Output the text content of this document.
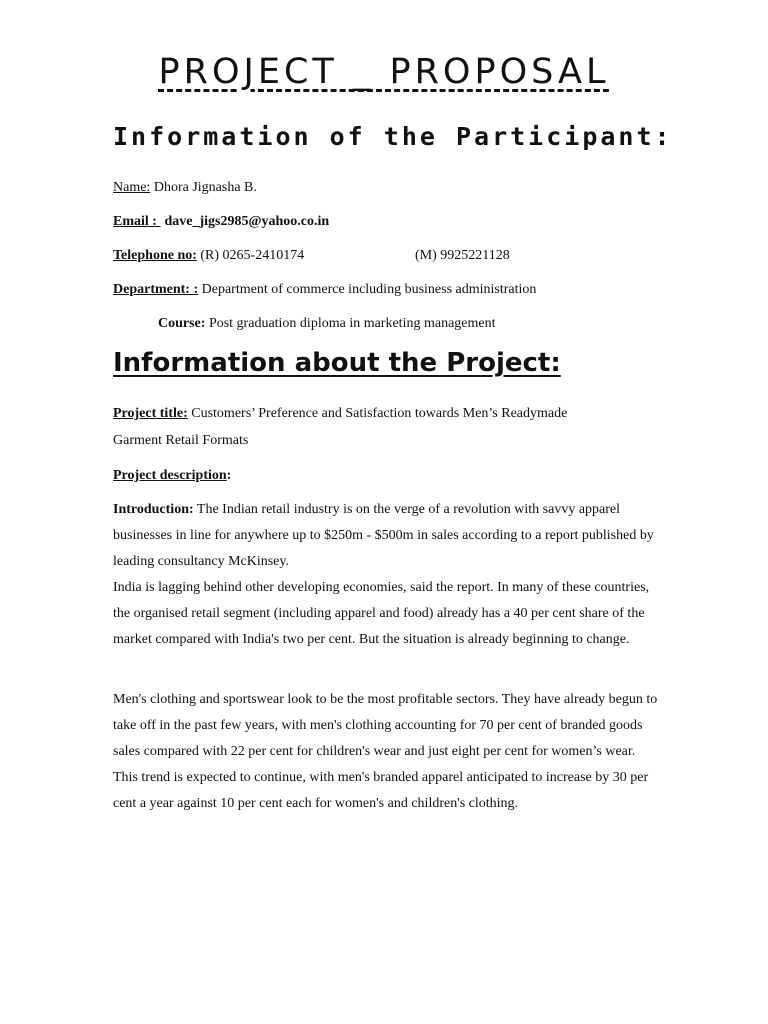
PROJECT _ PROPOSAL
Information of the Participant:
Name: Dhora Jignasha B.
Email : dave_jigs2985@yahoo.co.in
Telephone no: (R) 0265-2410174	(M) 9925221128
Department: : Department of commerce including business administration
Course: Post graduation diploma in marketing management
Information about the Project:
Project title: Customers’ Preference and Satisfaction towards Men’s Readymade
Garment Retail Formats
Project description:

Introduction: The Indian retail industry is on the verge of a revolution with savvy apparel businesses in line for anywhere up to $250m - $500m in sales according to a report published by leading consultancy McKinsey.

India is lagging behind other developing economies, said the report. In many of these countries, the organised retail segment (including apparel and food) already has a 40 per cent share of the market compared with India's two per cent. But the situation is already beginning to change.

Men's clothing and sportswear look to be the most profitable sectors. They have already begun to take off in the past few years, with men's clothing accounting for 70 per cent of branded goods sales compared with 22 per cent for children's wear and just eight per cent for women’s wear. This trend is expected to continue, with men's branded apparel anticipated to increase by 30 per cent a year against 10 per cent each for women's and children's clothing.
